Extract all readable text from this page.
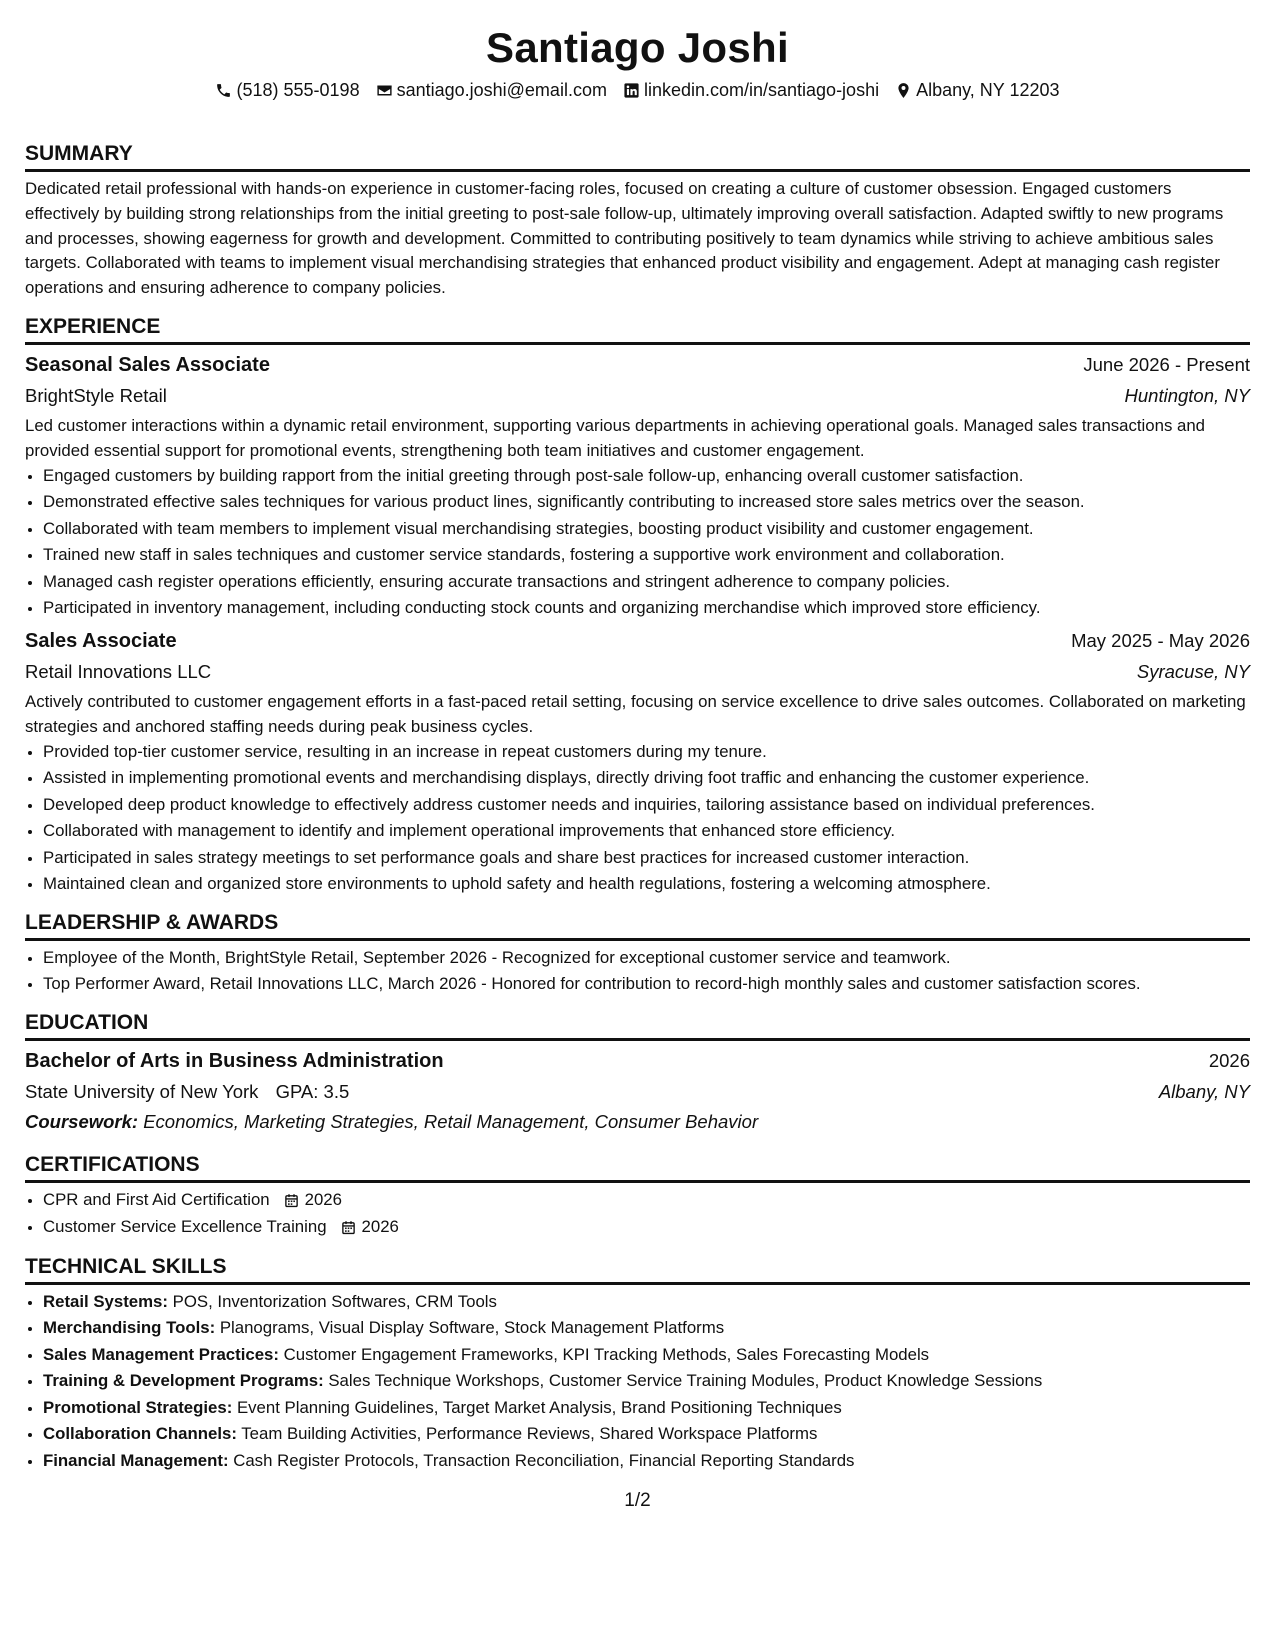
Santiago Joshi
(518) 555-0198 santiago.joshi@email.com linkedin.com/in/santiago-joshi Albany, NY 12203
SUMMARY
Dedicated retail professional with hands-on experience in customer-facing roles, focused on creating a culture of customer obsession. Engaged customers effectively by building strong relationships from the initial greeting to post-sale follow-up, ultimately improving overall satisfaction. Adapted swiftly to new programs and processes, showing eagerness for growth and development. Committed to contributing positively to team dynamics while striving to achieve ambitious sales targets. Collaborated with teams to implement visual merchandising strategies that enhanced product visibility and engagement. Adept at managing cash register operations and ensuring adherence to company policies.
EXPERIENCE
Seasonal Sales Associate	June 2026 - Present
BrightStyle Retail	Huntington, NY
Led customer interactions within a dynamic retail environment, supporting various departments in achieving operational goals. Managed sales transactions and provided essential support for promotional events, strengthening both team initiatives and customer engagement.
• Engaged customers by building rapport from the initial greeting through post-sale follow-up, enhancing overall customer satisfaction.
• Demonstrated effective sales techniques for various product lines, significantly contributing to increased store sales metrics over the season.
• Collaborated with team members to implement visual merchandising strategies, boosting product visibility and customer engagement.
• Trained new staff in sales techniques and customer service standards, fostering a supportive work environment and collaboration.
• Managed cash register operations efficiently, ensuring accurate transactions and stringent adherence to company policies.
• Participated in inventory management, including conducting stock counts and organizing merchandise which improved store efficiency.
Sales Associate	May 2025 - May 2026
Retail Innovations LLC	Syracuse, NY
Actively contributed to customer engagement efforts in a fast-paced retail setting, focusing on service excellence to drive sales outcomes. Collaborated on marketing strategies and anchored staffing needs during peak business cycles.
• Provided top-tier customer service, resulting in an increase in repeat customers during my tenure.
• Assisted in implementing promotional events and merchandising displays, directly driving foot traffic and enhancing the customer experience.
• Developed deep product knowledge to effectively address customer needs and inquiries, tailoring assistance based on individual preferences.
• Collaborated with management to identify and implement operational improvements that enhanced store efficiency.
• Participated in sales strategy meetings to set performance goals and share best practices for increased customer interaction.
• Maintained clean and organized store environments to uphold safety and health regulations, fostering a welcoming atmosphere.
LEADERSHIP & AWARDS
• Employee of the Month, BrightStyle Retail, September 2026 - Recognized for exceptional customer service and teamwork.
• Top Performer Award, Retail Innovations LLC, March 2026 - Honored for contribution to record-high monthly sales and customer satisfaction scores.
EDUCATION
Bachelor of Arts in Business Administration	2026
State University of New York GPA: 3.5	Albany, NY
Coursework: Economics, Marketing Strategies, Retail Management, Consumer Behavior
CERTIFICATIONS
• CPR and First Aid Certification 2026
• Customer Service Excellence Training 2026
TECHNICAL SKILLS
• Retail Systems: POS, Inventorization Softwares, CRM Tools
• Merchandising Tools: Planograms, Visual Display Software, Stock Management Platforms
• Sales Management Practices: Customer Engagement Frameworks, KPI Tracking Methods, Sales Forecasting Models
• Training & Development Programs: Sales Technique Workshops, Customer Service Training Modules, Product Knowledge Sessions
• Promotional Strategies: Event Planning Guidelines, Target Market Analysis, Brand Positioning Techniques
• Collaboration Channels: Team Building Activities, Performance Reviews, Shared Workspace Platforms
• Financial Management: Cash Register Protocols, Transaction Reconciliation, Financial Reporting Standards
1/2
